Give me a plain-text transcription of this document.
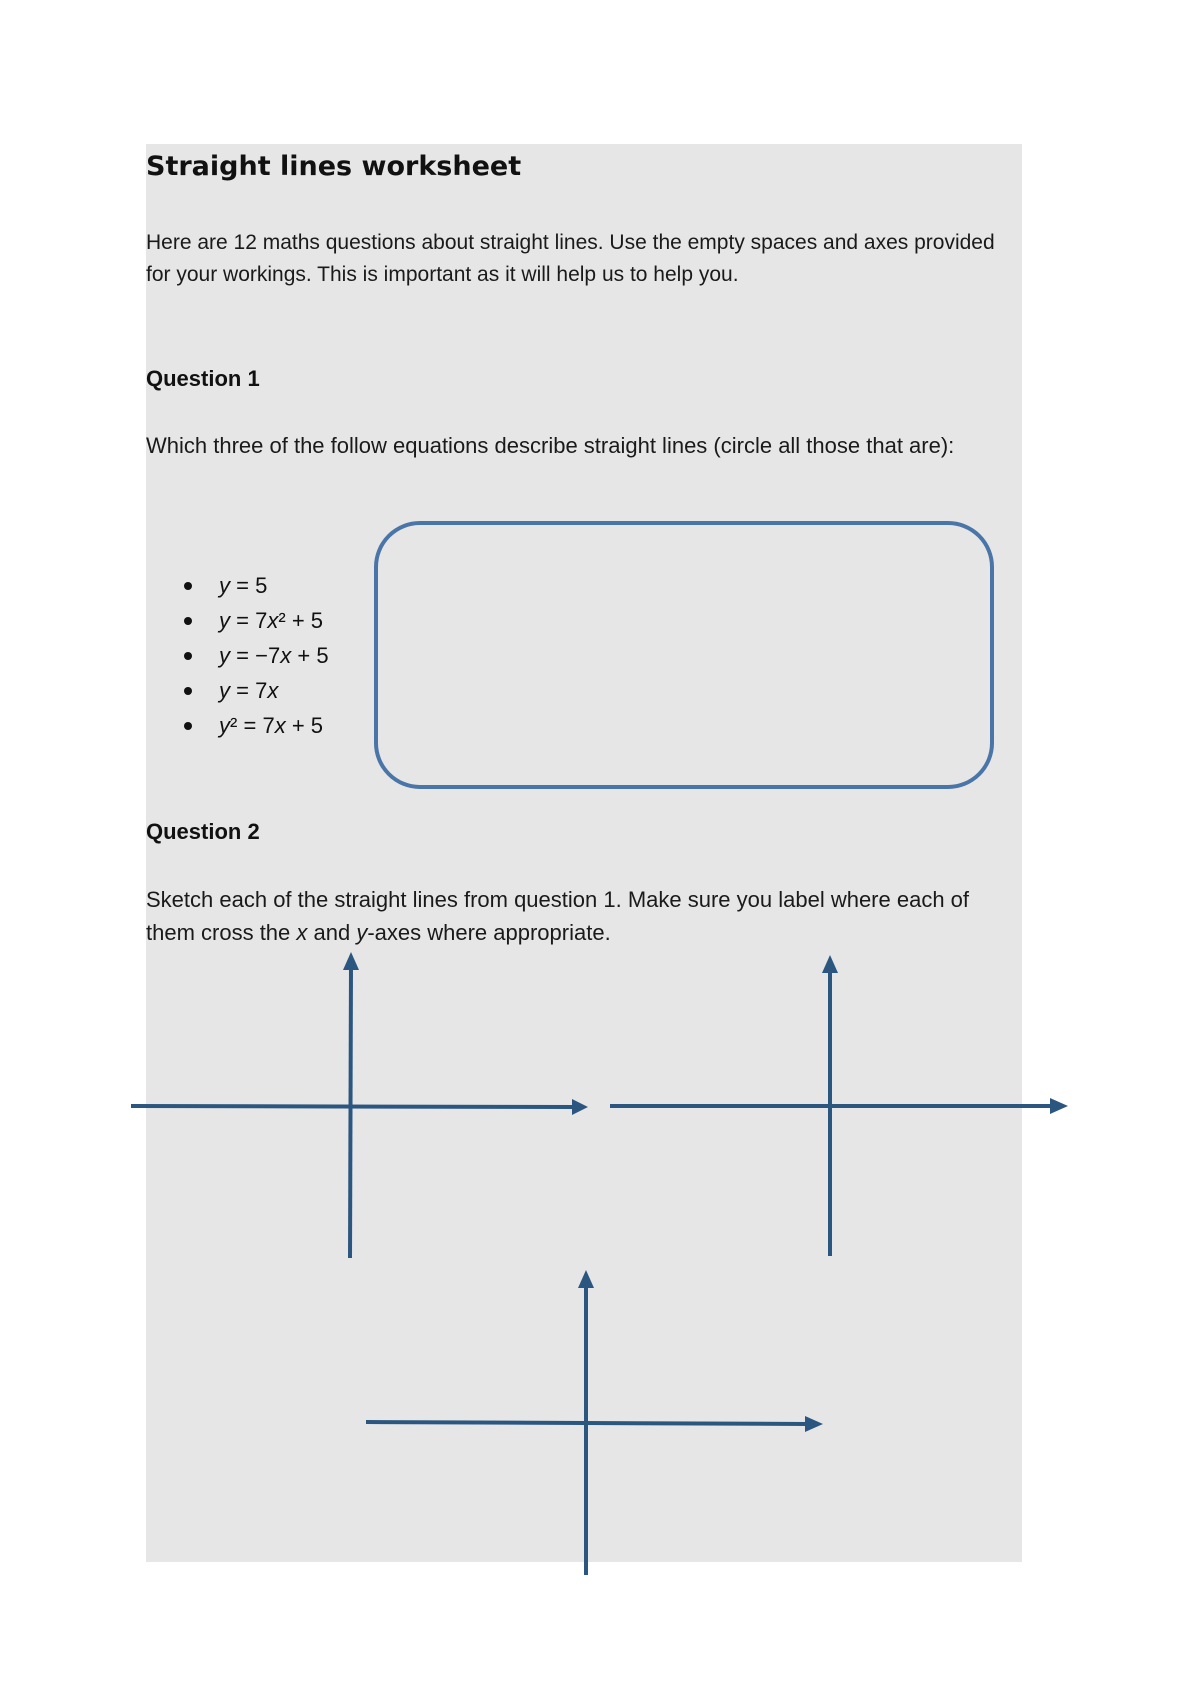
Straight lines worksheet

Here are 12 maths questions about straight lines. Use the empty spaces and axes provided for your workings. This is important as it will help us to help you.

Question 1

Which three of the follow equations describe straight lines (circle all those that are):

y = 5
y = 7x² + 5
y = −7x + 5
y = 7x
y² = 7x + 5
Question 2

Sketch each of the straight lines from question 1. Make sure you label where each of them cross the x and y-axes where appropriate.
